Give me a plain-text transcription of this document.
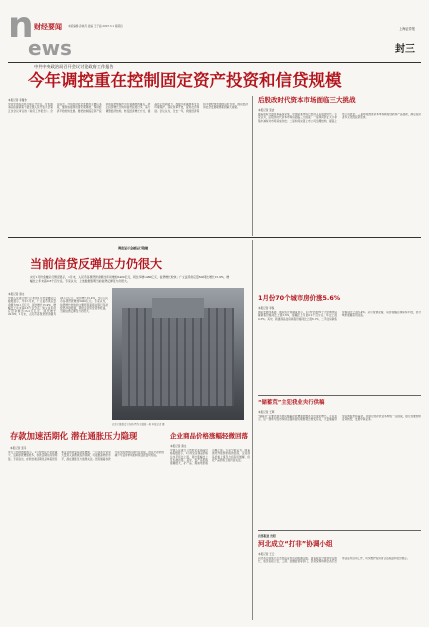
n 财经要闻 本版编辑 孙晓丹 美编 王子涵 2007.3.1 星期四
ews
上海证券报
封三
中共中央政治局召开会议讨论政府工作报告
今年调控重在控制固定资产投资和信贷规模
本报记者 李雁争

中共中央政治局日前召开会议，讨论国务院拟提请第十届全国人民代表大会第五次会议审议的《政府工作报告》。会议指出，今年经济社会发展的主要任务是，继续加强和改善宏观调控，保持经济平稳较快发展。要把控制固定资产投资和信贷规模作为宏观调控的重点，防止投资增长过快和信贷投放过多，着力调整经济结构，转变经济增长方式，提高自主创新能力，加强节能减排和生态环境保护，深化改革开放，促进社会和谐。会议认为，过去一年，我国经济保持平稳较快发展的良好态势，国民经济和社会发展取得新的重大成就。

后股改时代资本市场面临三大挑战
本报记者 张洁

随着股权分置改革基本完成，中国资本市场已经进入后股改时代。专家认为，后股改时代资本市场将面临三大挑战：一是如何防止大小非集中减持对市场造成冲击；二是如何完善上市公司治理结构，提高上市公司质量；三是如何推进资本市场制度创新和产品创新，满足投资者多元化的投资需求。

调查显示金融运行稳健
当前信贷反弹压力仍很大
央行1月份金融运行情况显示，1月末，人民币各项贷款余额比年初增加5400亿元，同比多增1480亿元，信贷增长较快；广义货币供应量M2同比增长15.9%，增幅比上年末高0.8个百分点。专家认为，上述数据表明当前信贷反弹压力仍很大。
本报记者 商文

中国人民银行昨日公布的1月份金融运行数据显示，今年1月末，广义货币供应量余额为35.1万亿元，同比增长15.9%，增幅比上年末高0.8个百分点；狭义货币供应量余额为13.2万亿元，同比增长20.9%；1月末，人民币各项贷款余额为23.1万亿元，同比增长15.4%，当月人民币各项贷款增加5400亿元。专家认为，信贷增长较快的主要原因是商业银行年初放贷冲动较强，同时企业资金需求旺盛，当前信贷反弹压力仍很大。

北京金融街资金充裕 图为金融街一景 本报记者 摄
存款加速活期化 潜在通胀压力隐现
本报记者 张韦

央行公布的数据显示，1月份居民户存款减少，活期存款增加较多，存款活期化趋势明显。专家指出，存款加速活期化意味着居民和企业的资金流动性增强，一旦这部分资金大量进入消费或投资领域，可能推高物价水平，潜在通胀压力值得关注。居民储蓄存款分流至股市的趋势仍在延续，居民户存款的减少与证券市场的持续活跃密切相关。

企业商品价格涨幅轻微回落
本报记者 商文

中国人民银行公布的企业商品价格指数显示，1月份企业商品价格总水平环比上涨，同比涨幅比上月轻微回落。其中，农产品价格涨幅较大，矿产品、煤油电价格小幅上涨。专家分析认为，随着国内外能源价格的回落，企业商品价格上涨压力将有所缓解，但农产品价格上涨仍需关注。

1月份70个城市房价涨5.6%
本报记者 李锐

国家发展改革委、国家统计局调查显示，1月份全国70个大中城市房屋销售价格同比上涨5.6%，涨幅比上月低0.2个百分点；环比上涨0.3%。其中，新建商品住房销售价格同比上涨6.1%，二手住房销售价格同比上涨5.4%。从月度情况看，房价涨幅总体保持平稳，部分城市涨幅有所回落。

“储蓄荒”主犯我业央行供稿
本报记者 王辉

“储蓄荒”主要表现为居民储蓄存款增速放缓甚至出现负增长。专家表示，这一现象与股市持续走强和居民理财观念转变有关，大量储蓄资金流向股市和基金，对银行的存款业务构成一定挑战，银行需要加快业务转型，发展中间业务。

首部报道 贵阳
河北成立“打非”协调小组
本报记者 王云

河北省日前成立打击非法证券活动协调小组，由省政府分管领导任组长，成员包括公安、工商、金融监管等部门，负责统筹协调全省打击非法证券活动工作，切实维护投资者合法权益和社会稳定。
